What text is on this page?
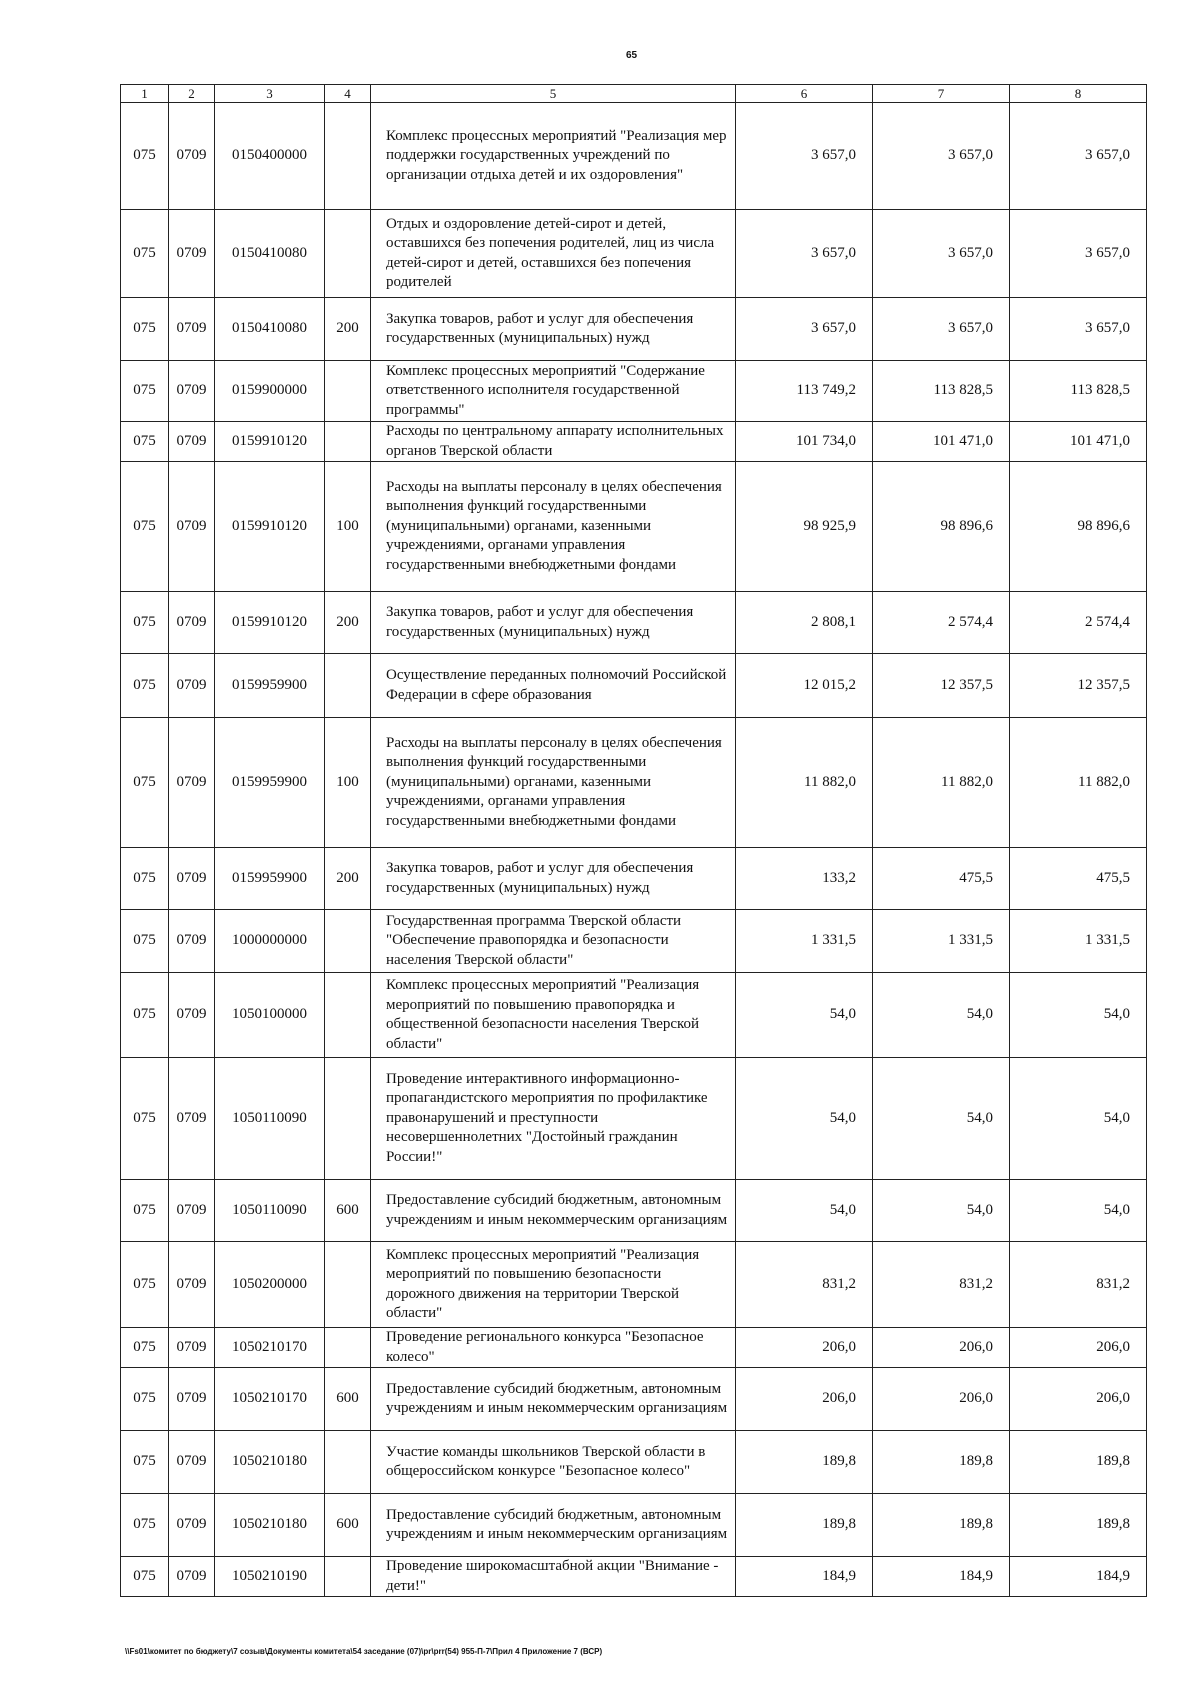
65
1	2	3	4	5	6	7	8
075	0709	0150400000		Комплекс процессных мероприятий "Реализация мер поддержки государственных учреждений по организации отдыха детей и их оздоровления"	3 657,0	3 657,0	3 657,0
075	0709	0150410080		Отдых и оздоровление детей-сирот и детей, оставшихся без попечения родителей, лиц из числа детей-сирот и детей, оставшихся без попечения родителей	3 657,0	3 657,0	3 657,0
075	0709	0150410080	200	Закупка товаров, работ и услуг для обеспечения государственных (муниципальных) нужд	3 657,0	3 657,0	3 657,0
075	0709	0159900000		Комплекс процессных мероприятий "Содержание ответственного исполнителя государственной программы"	113 749,2	113 828,5	113 828,5
075	0709	0159910120		Расходы по центральному аппарату исполнительных органов Тверской области	101 734,0	101 471,0	101 471,0
075	0709	0159910120	100	Расходы на выплаты персоналу в целях обеспечения выполнения функций государственными (муниципальными) органами, казенными учреждениями, органами управления государственными внебюджетными фондами	98 925,9	98 896,6	98 896,6
075	0709	0159910120	200	Закупка товаров, работ и услуг для обеспечения государственных (муниципальных) нужд	2 808,1	2 574,4	2 574,4
075	0709	0159959900		Осуществление переданных полномочий Российской Федерации в сфере образования	12 015,2	12 357,5	12 357,5
075	0709	0159959900	100	Расходы на выплаты персоналу в целях обеспечения выполнения функций государственными (муниципальными) органами, казенными учреждениями, органами управления государственными внебюджетными фондами	11 882,0	11 882,0	11 882,0
075	0709	0159959900	200	Закупка товаров, работ и услуг для обеспечения государственных (муниципальных) нужд	133,2	475,5	475,5
075	0709	1000000000		Государственная программа Тверской области "Обеспечение правопорядка и безопасности населения Тверской области"	1 331,5	1 331,5	1 331,5
075	0709	1050100000		Комплекс процессных мероприятий "Реализация мероприятий по повышению правопорядка и общественной безопасности населения Тверской области"	54,0	54,0	54,0
075	0709	1050110090		Проведение интерактивного информационно-пропагандистского мероприятия по профилактике правонарушений и преступности несовершеннолетних "Достойный гражданин России!"	54,0	54,0	54,0
075	0709	1050110090	600	Предоставление субсидий бюджетным, автономным учреждениям и иным некоммерческим организациям	54,0	54,0	54,0
075	0709	1050200000		Комплекс процессных мероприятий "Реализация мероприятий по повышению безопасности дорожного движения на территории Тверской области"	831,2	831,2	831,2
075	0709	1050210170		Проведение регионального конкурса "Безопасное колесо"	206,0	206,0	206,0
075	0709	1050210170	600	Предоставление субсидий бюджетным, автономным учреждениям и иным некоммерческим организациям	206,0	206,0	206,0
075	0709	1050210180		Участие команды школьников Тверской области в общероссийском конкурсе "Безопасное колесо"	189,8	189,8	189,8
075	0709	1050210180	600	Предоставление субсидий бюджетным, автономным учреждениям и иным некоммерческим организациям	189,8	189,8	189,8
075	0709	1050210190		Проведение широкомасштабной акции "Внимание - дети!"	184,9	184,9	184,9
\\Fs01\комитет по бюджету\7 созыв\Документы комитета\54 заседание (07)\pr\prr(54) 955-П-7\Прил 4 Приложение 7 (ВСР)
